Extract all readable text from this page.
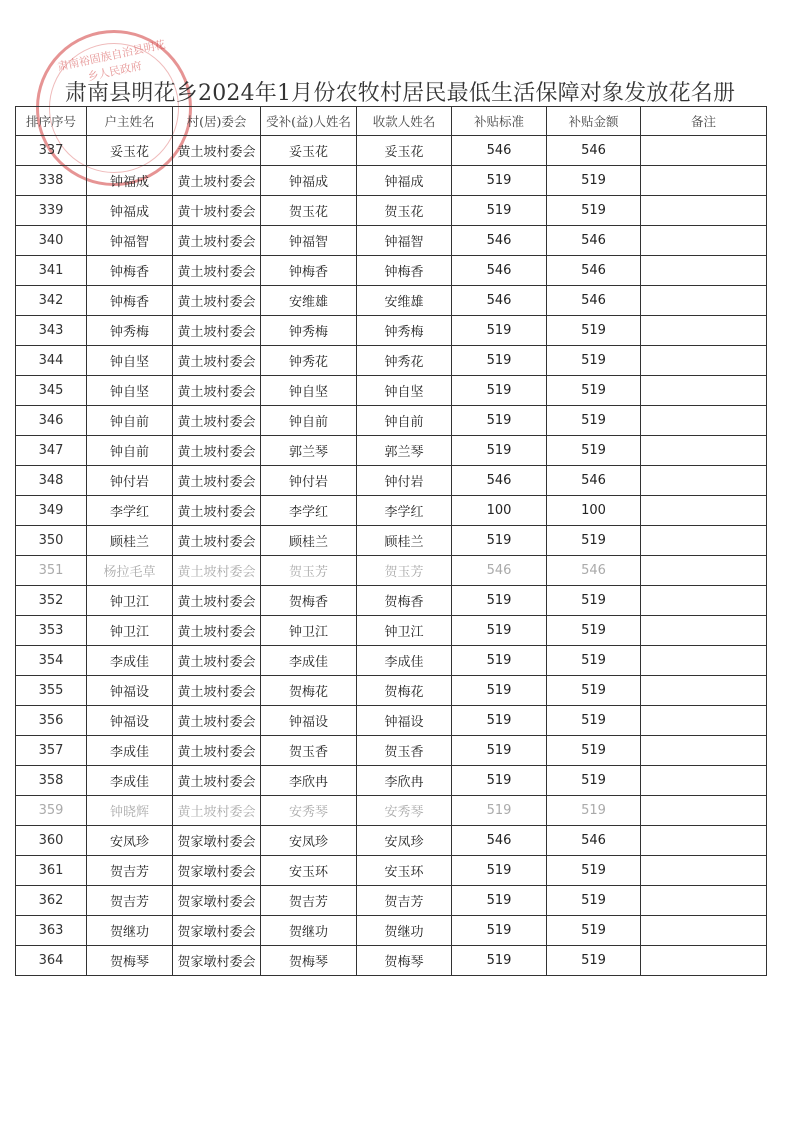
肃南裕固族自治县明花乡人民政府
肃南县明花乡2024年1月份农牧村居民最低生活保障对象发放花名册
排序序号	户主姓名	村(居)委会	受补(益)人姓名	收款人姓名	补贴标准	补贴金额	备注
337	妥玉花	黄土坡村委会	妥玉花	妥玉花	546	546	
338	钟福成	黄土坡村委会	钟福成	钟福成	519	519	
339	钟福成	黄十坡村委会	贺玉花	贺玉花	519	519	
340	钟福智	黄土坡村委会	钟福智	钟福智	546	546	
341	钟梅香	黄土坡村委会	钟梅香	钟梅香	546	546	
342	钟梅香	黄土坡村委会	安维雄	安维雄	546	546	
343	钟秀梅	黄土坡村委会	钟秀梅	钟秀梅	519	519	
344	钟自坚	黄土坡村委会	钟秀花	钟秀花	519	519	
345	钟自坚	黄土坡村委会	钟自坚	钟自坚	519	519	
346	钟自前	黄土坡村委会	钟自前	钟自前	519	519	
347	钟自前	黄土坡村委会	郭兰琴	郭兰琴	519	519	
348	钟付岩	黄土坡村委会	钟付岩	钟付岩	546	546	
349	李学红	黄土坡村委会	李学红	李学红	100	100	
350	顾桂兰	黄土坡村委会	顾桂兰	顾桂兰	519	519	
351	杨拉毛草	黄土坡村委会	贺玉芳	贺玉芳	546	546	
352	钟卫江	黄土坡村委会	贺梅香	贺梅香	519	519	
353	钟卫江	黄土坡村委会	钟卫江	钟卫江	519	519	
354	李成佳	黄土坡村委会	李成佳	李成佳	519	519	
355	钟福设	黄土坡村委会	贺梅花	贺梅花	519	519	
356	钟福设	黄土坡村委会	钟福设	钟福设	519	519	
357	李成佳	黄土坡村委会	贺玉香	贺玉香	519	519	
358	李成佳	黄土坡村委会	李欣冉	李欣冉	519	519	
359	钟晓辉	黄土坡村委会	安秀琴	安秀琴	519	519	
360	安凤珍	贺家墩村委会	安凤珍	安凤珍	546	546	
361	贺吉芳	贺家墩村委会	安玉环	安玉环	519	519	
362	贺吉芳	贺家墩村委会	贺吉芳	贺吉芳	519	519	
363	贺继功	贺家墩村委会	贺继功	贺继功	519	519	
364	贺梅琴	贺家墩村委会	贺梅琴	贺梅琴	519	519	
